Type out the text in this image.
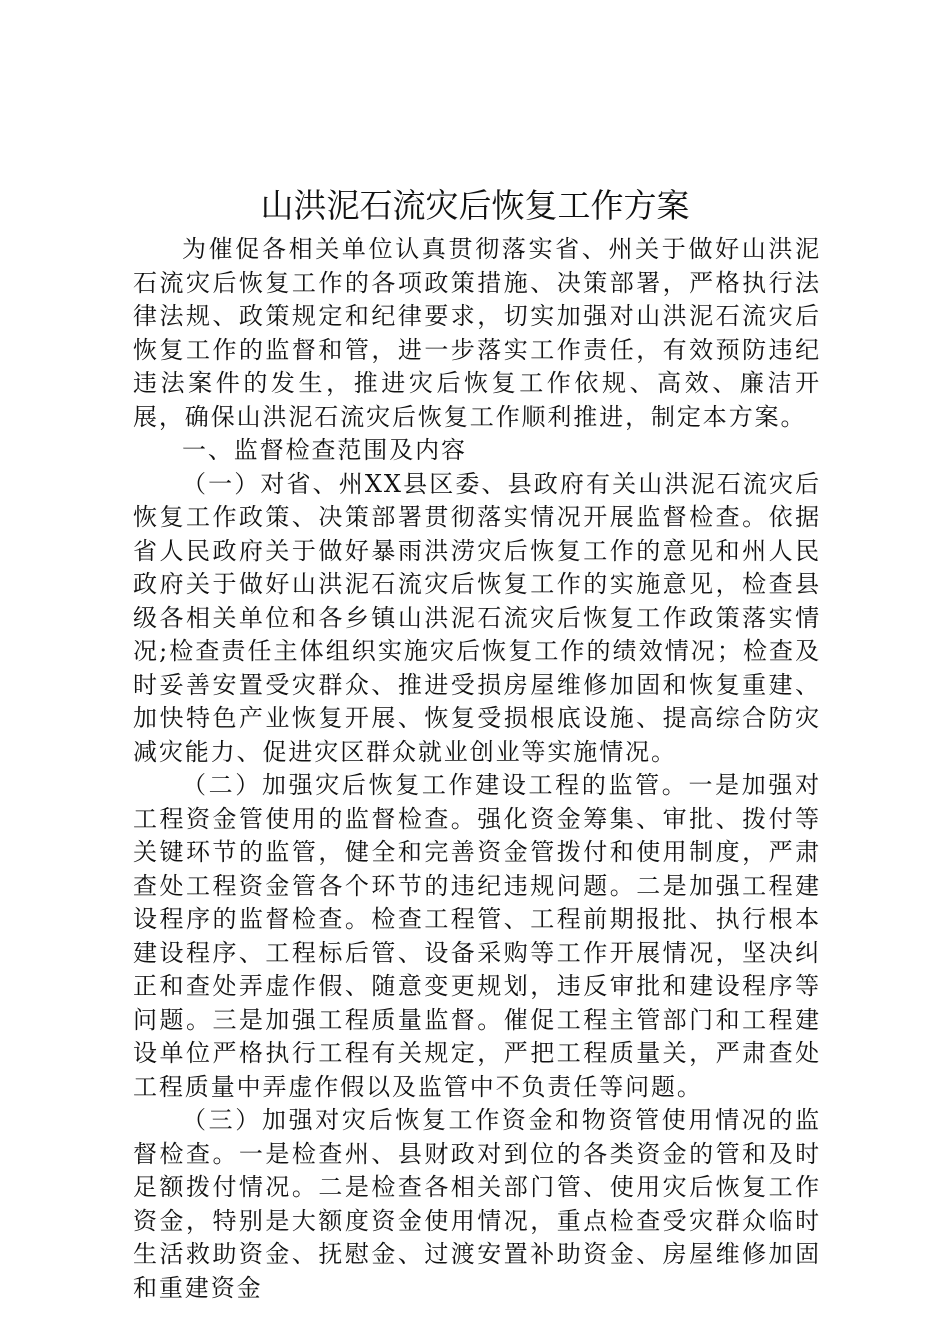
山洪泥石流灾后恢复工作方案

为催促各相关单位认真贯彻落实省、州关于做好山洪泥石流灾后恢复工作的各项政策措施、决策部署，严格执行法律法规、政策规定和纪律要求，切实加强对山洪泥石流灾后恢复工作的监督和管，进一步落实工作责任，有效预防违纪违法案件的发生，推进灾后恢复工作依规、高效、廉洁开展，确保山洪泥石流灾后恢复工作顺利推进，制定本方案。

一、监督检查范围及内容

（一）对省、州XX县区委、县政府有关山洪泥石流灾后恢复工作政策、决策部署贯彻落实情况开展监督检查。依据省人民政府关于做好暴雨洪涝灾后恢复工作的意见和州人民政府关于做好山洪泥石流灾后恢复工作的实施意见，检查县级各相关单位和各乡镇山洪泥石流灾后恢复工作政策落实情况;检查责任主体组织实施灾后恢复工作的绩效情况；检查及时妥善安置受灾群众、推进受损房屋维修加固和恢复重建、加快特色产业恢复开展、恢复受损根底设施、提高综合防灾减灾能力、促进灾区群众就业创业等实施情况。

（二）加强灾后恢复工作建设工程的监管。一是加强对工程资金管使用的监督检查。强化资金筹集、审批、拨付等关键环节的监管，健全和完善资金管拨付和使用制度，严肃查处工程资金管各个环节的违纪违规问题。二是加强工程建设程序的监督检查。检查工程管、工程前期报批、执行根本建设程序、工程标后管、设备采购等工作开展情况，坚决纠正和查处弄虚作假、随意变更规划，违反审批和建设程序等问题。三是加强工程质量监督。催促工程主管部门和工程建设单位严格执行工程有关规定，严把工程质量关，严肃查处工程质量中弄虚作假以及监管中不负责任等问题。

（三）加强对灾后恢复工作资金和物资管使用情况的监督检查。一是检查州、县财政对到位的各类资金的管和及时足额拨付情况。二是检查各相关部门管、使用灾后恢复工作资金，特别是大额度资金使用情况，重点检查受灾群众临时生活救助资金、抚慰金、过渡安置补助资金、房屋维修加固和重建资金
